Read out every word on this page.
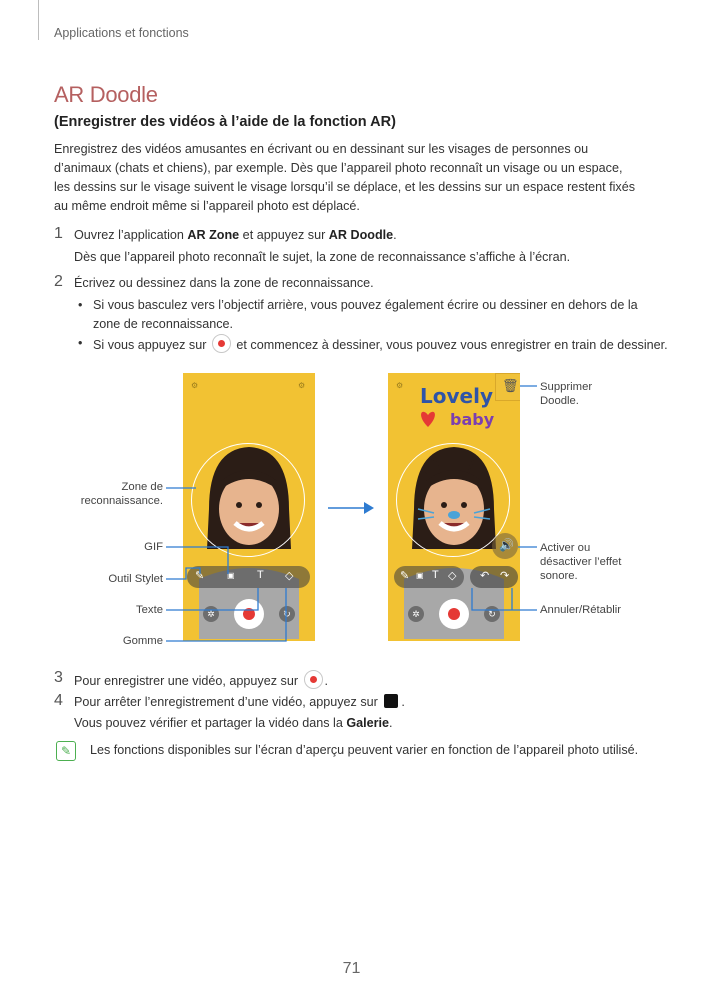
Applications et fonctions
AR Doodle
(Enregistrer des vidéos à l’aide de la fonction AR)
Enregistrez des vidéos amusantes en écrivant ou en dessinant sur les visages de personnes ou d’animaux (chats et chiens), par exemple. Dès que l’appareil photo reconnaît un visage ou un espace, les dessins sur le visage suivent le visage lorsqu’il se déplace, et les dessins sur un espace restent fixés au même endroit même si l’appareil photo est déplacé.
1 Ouvrez l’application AR Zone et appuyez sur AR Doodle.
Dès que l’appareil photo reconnaît le sujet, la zone de reconnaissance s’affiche à l’écran.
2 Écrivez ou dessinez dans la zone de reconnaissance.
• Si vous basculez vers l’objectif arrière, vous pouvez également écrire ou dessiner en dehors de la zone de reconnaissance.
• Si vous appuyez sur  et commencez à dessiner, vous pouvez vous enregistrer en train de dessiner.
⚙	⚙
✎	▣ T ◇
✲	↻
⚙ Lovely
baby
🗑
🔊
✎ ▣ T ◇ ↶ ↷
✲	↻
Zone de
reconnaissance.
GIF
Outil Stylet
Texte
Gomme
Supprimer
Doodle.
Activer ou
désactiver l’effet
sonore.
Annuler/Rétablir
3 Pour enregistrer une vidéo, appuyez sur .
4 Pour arrêter l’enregistrement d’une vidéo, appuyez sur .
Vous pouvez vérifier et partager la vidéo dans la Galerie.
✎	Les fonctions disponibles sur l’écran d’aperçu peuvent varier en fonction de l’appareil photo utilisé.
71
